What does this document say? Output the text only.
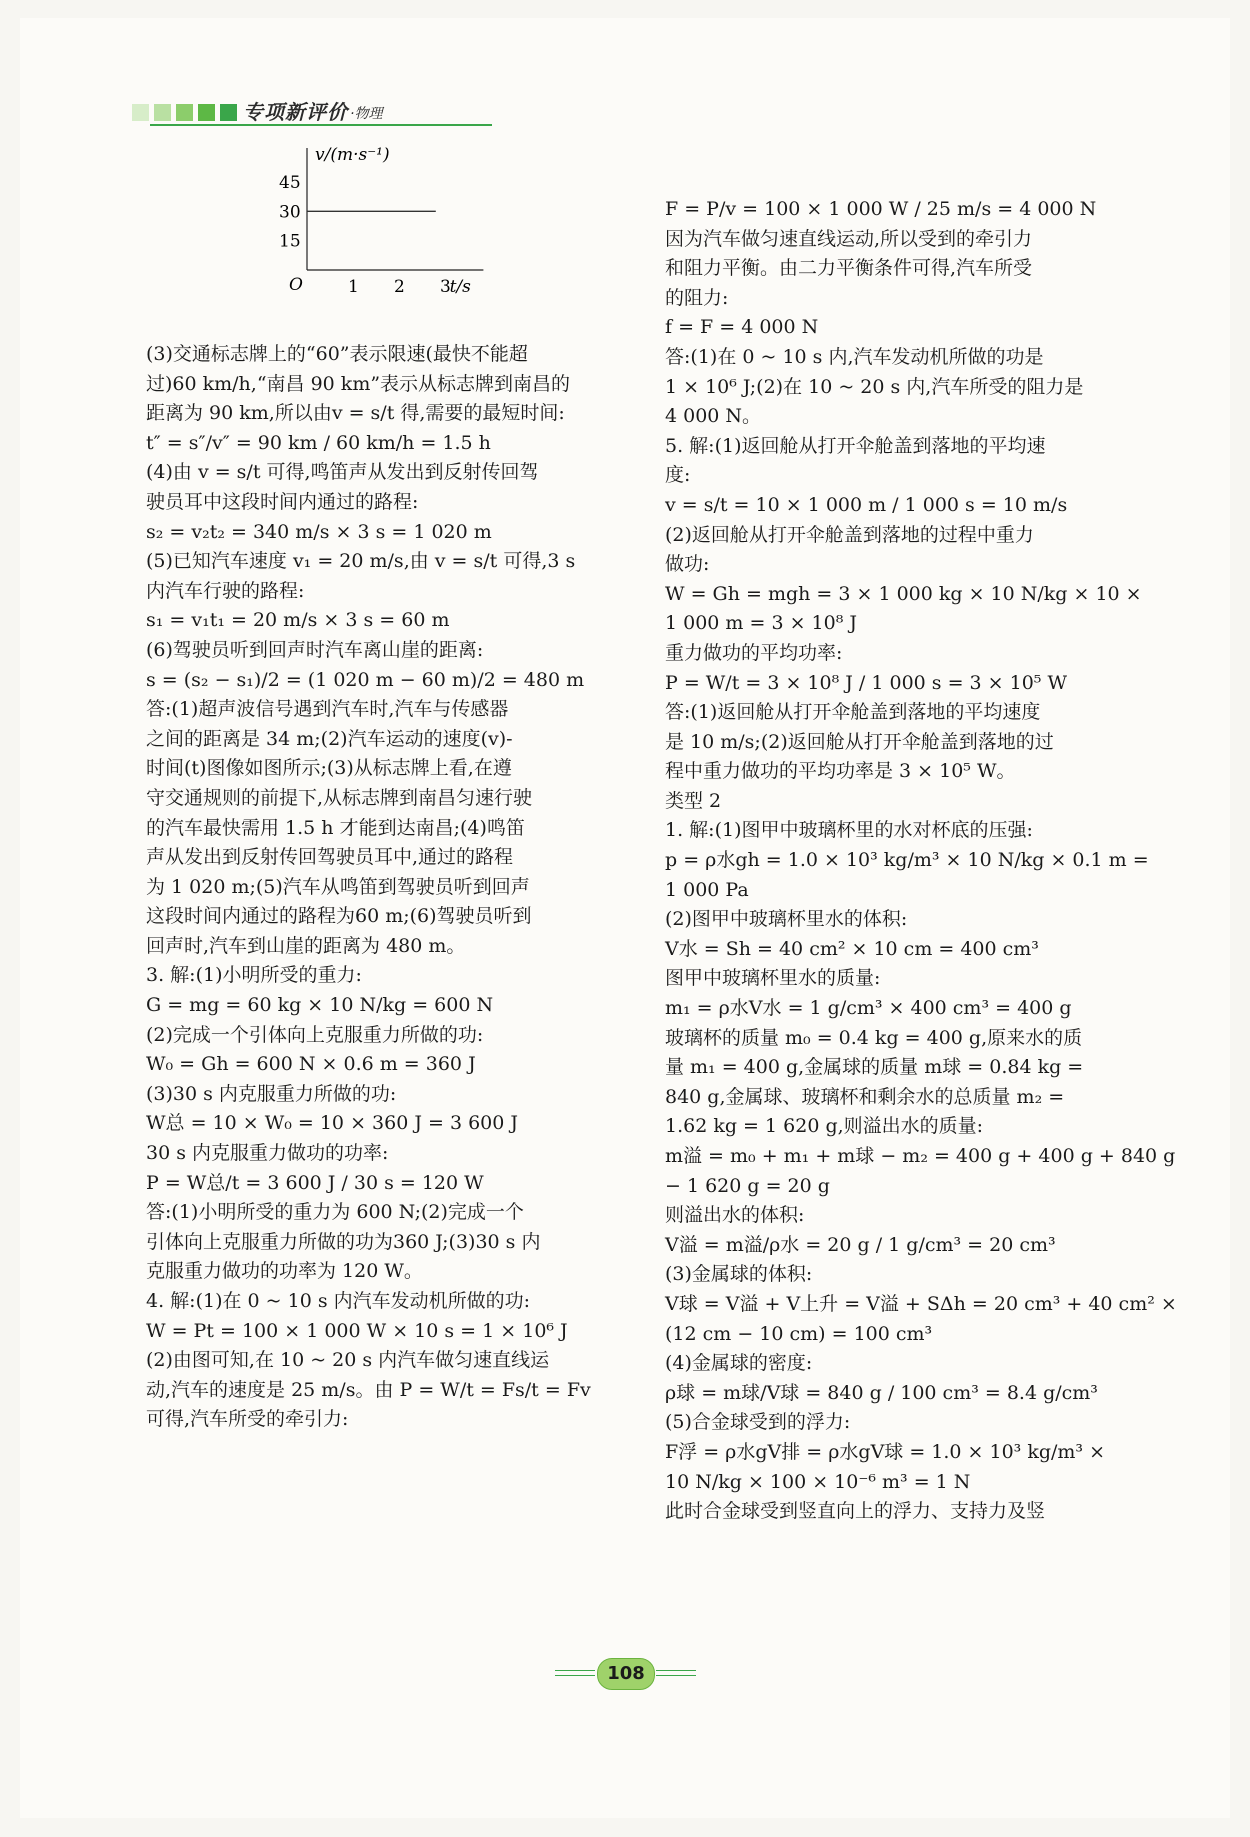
专项新评价 ·物理
v/(m·s⁻¹)
t/s
O	1 2 3
15
30
45
(3)交通标志牌上的“60”表示限速(最快不能超
过)60 km/h,“南昌 90 km”表示从标志牌到南昌的
距离为 90 km,所以由v = s/t 得,需要的最短时间:
t″ = s″/v″ = 90 km / 60 km/h = 1.5 h
(4)由 v = s/t 可得,鸣笛声从发出到反射传回驾
驶员耳中这段时间内通过的路程:
s₂ = v₂t₂ = 340 m/s × 3 s = 1 020 m
(5)已知汽车速度 v₁ = 20 m/s,由 v = s/t 可得,3 s
内汽车行驶的路程:
s₁ = v₁t₁ = 20 m/s × 3 s = 60 m
(6)驾驶员听到回声时汽车离山崖的距离:
s = (s₂ − s₁)/2 = (1 020 m − 60 m)/2 = 480 m
答:(1)超声波信号遇到汽车时,汽车与传感器
之间的距离是 34 m;(2)汽车运动的速度(v)-
时间(t)图像如图所示;(3)从标志牌上看,在遵
守交通规则的前提下,从标志牌到南昌匀速行驶
的汽车最快需用 1.5 h 才能到达南昌;(4)鸣笛
声从发出到反射传回驾驶员耳中,通过的路程
为 1 020 m;(5)汽车从鸣笛到驾驶员听到回声
这段时间内通过的路程为60 m;(6)驾驶员听到
回声时,汽车到山崖的距离为 480 m。
3. 解:(1)小明所受的重力:
G = mg = 60 kg × 10 N/kg = 600 N
(2)完成一个引体向上克服重力所做的功:
W₀ = Gh = 600 N × 0.6 m = 360 J
(3)30 s 内克服重力所做的功:
W总 = 10 × W₀ = 10 × 360 J = 3 600 J
30 s 内克服重力做功的功率:
P = W总/t = 3 600 J / 30 s = 120 W
答:(1)小明所受的重力为 600 N;(2)完成一个
引体向上克服重力所做的功为360 J;(3)30 s 内
克服重力做功的功率为 120 W。
4. 解:(1)在 0 ~ 10 s 内汽车发动机所做的功:
W = Pt = 100 × 1 000 W × 10 s = 1 × 10⁶ J
(2)由图可知,在 10 ~ 20 s 内汽车做匀速直线运
动,汽车的速度是 25 m/s。由 P = W/t = Fs/t = Fv
可得,汽车所受的牵引力:
F = P/v = 100 × 1 000 W / 25 m/s = 4 000 N
因为汽车做匀速直线运动,所以受到的牵引力
和阻力平衡。由二力平衡条件可得,汽车所受
的阻力:
f = F = 4 000 N
答:(1)在 0 ~ 10 s 内,汽车发动机所做的功是
1 × 10⁶ J;(2)在 10 ~ 20 s 内,汽车所受的阻力是
4 000 N。
5. 解:(1)返回舱从打开伞舱盖到落地的平均速
度:
v = s/t = 10 × 1 000 m / 1 000 s = 10 m/s
(2)返回舱从打开伞舱盖到落地的过程中重力
做功:
W = Gh = mgh = 3 × 1 000 kg × 10 N/kg × 10 ×
1 000 m = 3 × 10⁸ J
重力做功的平均功率:
P = W/t = 3 × 10⁸ J / 1 000 s = 3 × 10⁵ W
答:(1)返回舱从打开伞舱盖到落地的平均速度
是 10 m/s;(2)返回舱从打开伞舱盖到落地的过
程中重力做功的平均功率是 3 × 10⁵ W。
类型 2
1. 解:(1)图甲中玻璃杯里的水对杯底的压强:
p = ρ水gh = 1.0 × 10³ kg/m³ × 10 N/kg × 0.1 m =
1 000 Pa
(2)图甲中玻璃杯里水的体积:
V水 = Sh = 40 cm² × 10 cm = 400 cm³
图甲中玻璃杯里水的质量:
m₁ = ρ水V水 = 1 g/cm³ × 400 cm³ = 400 g
玻璃杯的质量 m₀ = 0.4 kg = 400 g,原来水的质
量 m₁ = 400 g,金属球的质量 m球 = 0.84 kg =
840 g,金属球、玻璃杯和剩余水的总质量 m₂ =
1.62 kg = 1 620 g,则溢出水的质量:
m溢 = m₀ + m₁ + m球 − m₂ = 400 g + 400 g + 840 g
− 1 620 g = 20 g
则溢出水的体积:
V溢 = m溢/ρ水 = 20 g / 1 g/cm³ = 20 cm³
(3)金属球的体积:
V球 = V溢 + V上升 = V溢 + SΔh = 20 cm³ + 40 cm² ×
(12 cm − 10 cm) = 100 cm³
(4)金属球的密度:
ρ球 = m球/V球 = 840 g / 100 cm³ = 8.4 g/cm³
(5)合金球受到的浮力:
F浮 = ρ水gV排 = ρ水gV球 = 1.0 × 10³ kg/m³ ×
10 N/kg × 100 × 10⁻⁶ m³ = 1 N
此时合金球受到竖直向上的浮力、支持力及竖
108
